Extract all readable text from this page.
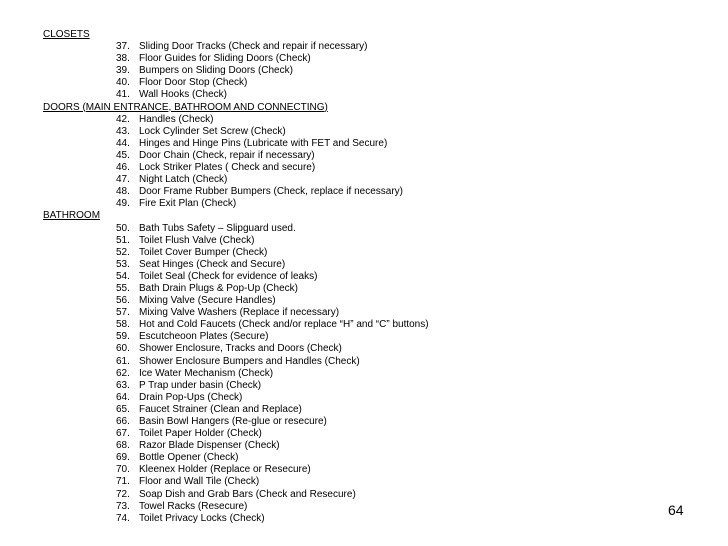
CLOSETS
37. Sliding Door Tracks (Check and repair if necessary)
38. Floor Guides for Sliding Doors (Check)
39. Bumpers on Sliding Doors (Check)
40. Floor Door Stop (Check)
41. Wall Hooks (Check)
DOORS (MAIN ENTRANCE, BATHROOM AND CONNECTING)
42. Handles (Check)
43. Lock Cylinder Set Screw (Check)
44. Hinges and Hinge Pins (Lubricate with FET and Secure)
45. Door Chain (Check, repair if necessary)
46. Lock Striker Plates ( Check and secure)
47. Night Latch (Check)
48. Door Frame Rubber Bumpers (Check, replace if necessary)
49. Fire Exit Plan (Check)
BATHROOM
50. Bath Tubs Safety – Slipguard used.
51. Toilet Flush Valve (Check)
52. Toilet Cover Bumper (Check)
53. Seat Hinges (Check and Secure)
54. Toilet Seal (Check for evidence of leaks)
55. Bath Drain Plugs & Pop-Up (Check)
56. Mixing Valve (Secure Handles)
57. Mixing Valve Washers (Replace if necessary)
58. Hot and Cold Faucets (Check and/or replace “H” and “C” buttons)
59. Escutcheoon Plates (Secure)
60. Shower Enclosure, Tracks and Doors (Check)
61. Shower Enclosure Bumpers and Handles (Check)
62. Ice Water Mechanism (Check)
63. P Trap under basin (Check)
64. Drain Pop-Ups (Check)
65. Faucet Strainer (Clean and Replace)
66. Basin Bowl Hangers (Re-glue or resecure)
67. Toilet Paper Holder (Check)
68. Razor Blade Dispenser (Check)
69. Bottle Opener (Check)
70. Kleenex Holder (Replace or Resecure)
71. Floor and Wall Tile (Check)
72. Soap Dish and Grab Bars (Check and Resecure)
73. Towel Racks (Resecure)
74. Toilet Privacy Locks (Check)
64
